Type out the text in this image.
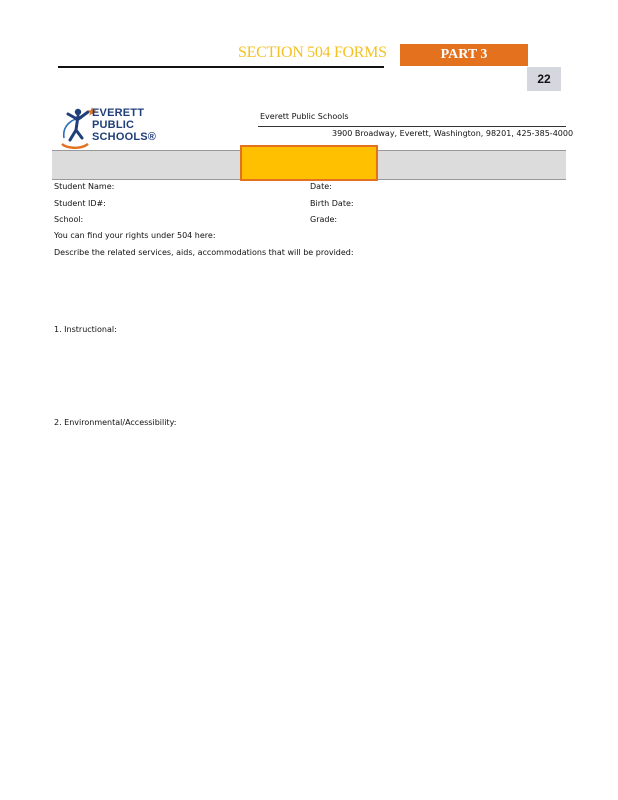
SECTION 504 FORMS	PART 3
22
EVERETT
PUBLIC
SCHOOLS®
Everett Public Schools
3900 Broadway, Everett, Washington, 98201, 425-385-4000
Student Name:	Date:
Student ID#:	Birth Date:
School:	Grade:
You can find your rights under 504 here:
Describe the related services, aids, accommodations that will be provided:
1. Instructional:
2. Environmental/Accessibility:
